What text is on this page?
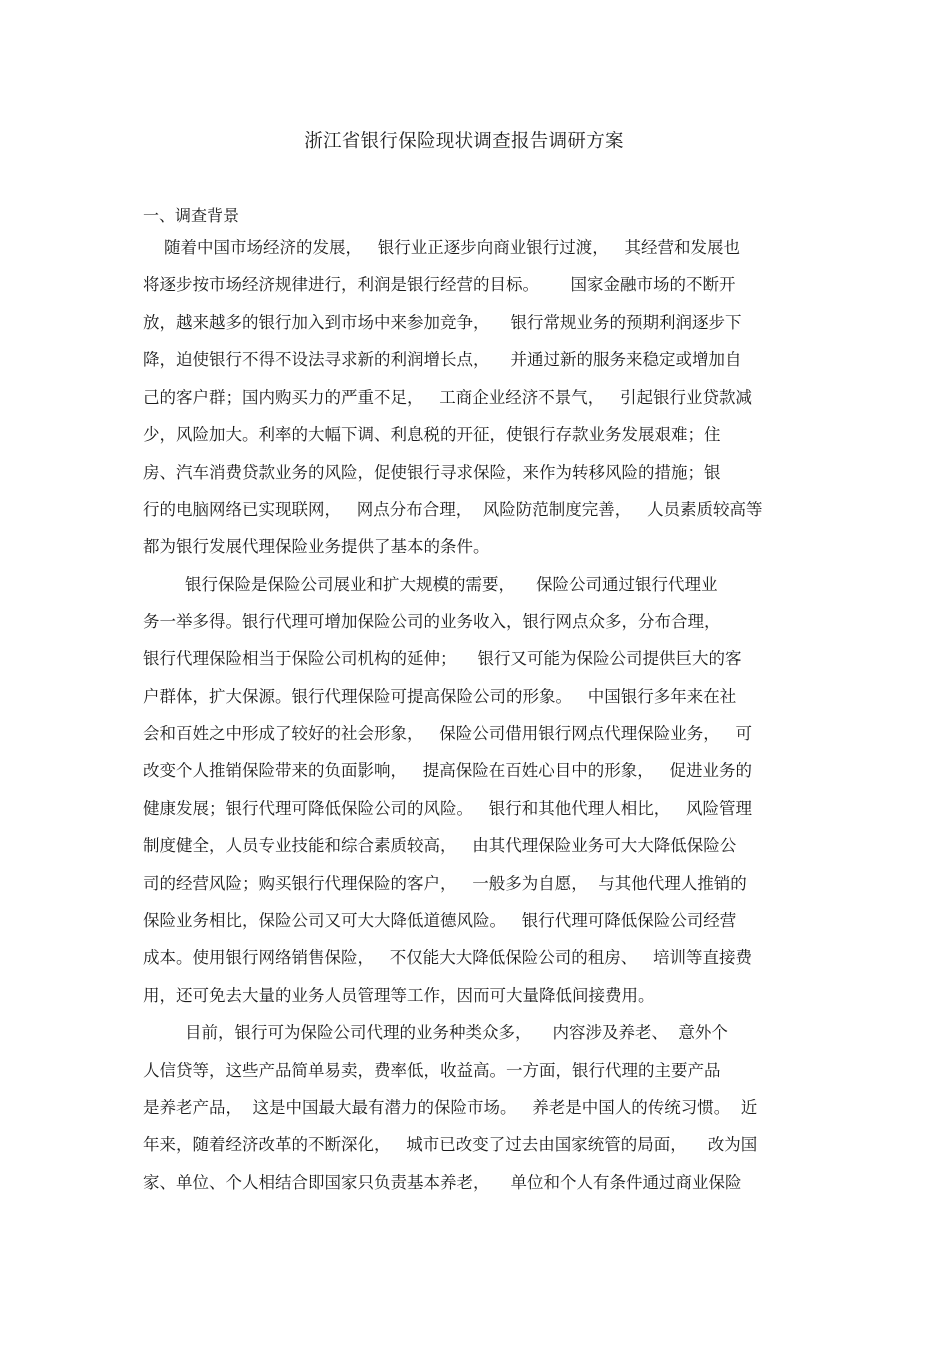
浙江省银行保险现状调查报告调研方案
一、调查背景
随着中国市场经济的发展，   银行业正逐步向商业银行过渡，   其经营和发展也
将逐步按市场经济规律进行，利润是银行经营的目标。      国家金融市场的不断开
放，越来越多的银行加入到市场中来参加竞争，    银行常规业务的预期利润逐步下
降，迫使银行不得不设法寻求新的利润增长点，    并通过新的服务来稳定或增加自
己的客户群；国内购买力的严重不足，   工商企业经济不景气，   引起银行业贷款减
少，风险加大。利率的大幅下调、利息税的开征，使银行存款业务发展艰难；住
房、汽车消费贷款业务的风险，促使银行寻求保险，来作为转移风险的措施；银
行的电脑网络已实现联网，   网点分布合理，  风险防范制度完善，   人员素质较高等
都为银行发展代理保险业务提供了基本的条件。
银行保险是保险公司展业和扩大规模的需要，    保险公司通过银行代理业
务一举多得。银行代理可增加保险公司的业务收入，银行网点众多，分布合理，
银行代理保险相当于保险公司机构的延伸；    银行又可能为保险公司提供巨大的客
户群体，扩大保源。银行代理保险可提高保险公司的形象。   中国银行多年来在社
会和百姓之中形成了较好的社会形象，   保险公司借用银行网点代理保险业务，   可
改变个人推销保险带来的负面影响，   提高保险在百姓心目中的形象，   促进业务的
健康发展；银行代理可降低保险公司的风险。   银行和其他代理人相比，   风险管理
制度健全，人员专业技能和综合素质较高，   由其代理保险业务可大大降低保险公
司的经营风险；购买银行代理保险的客户，   一般多为自愿，  与其他代理人推销的
保险业务相比，保险公司又可大大降低道德风险。   银行代理可降低保险公司经营
成本。使用银行网络销售保险，   不仅能大大降低保险公司的租房、   培训等直接费
用，还可免去大量的业务人员管理等工作，因而可大量降低间接费用。
目前，银行可为保险公司代理的业务种类众多，    内容涉及养老、  意外个
人信贷等，这些产品简单易卖，费率低，收益高。一方面，银行代理的主要产品
是养老产品，  这是中国最大最有潜力的保险市场。   养老是中国人的传统习惯。  近
年来，随着经济改革的不断深化，   城市已改变了过去由国家统管的局面，    改为国
家、单位、个人相结合即国家只负责基本养老，    单位和个人有条件通过商业保险
